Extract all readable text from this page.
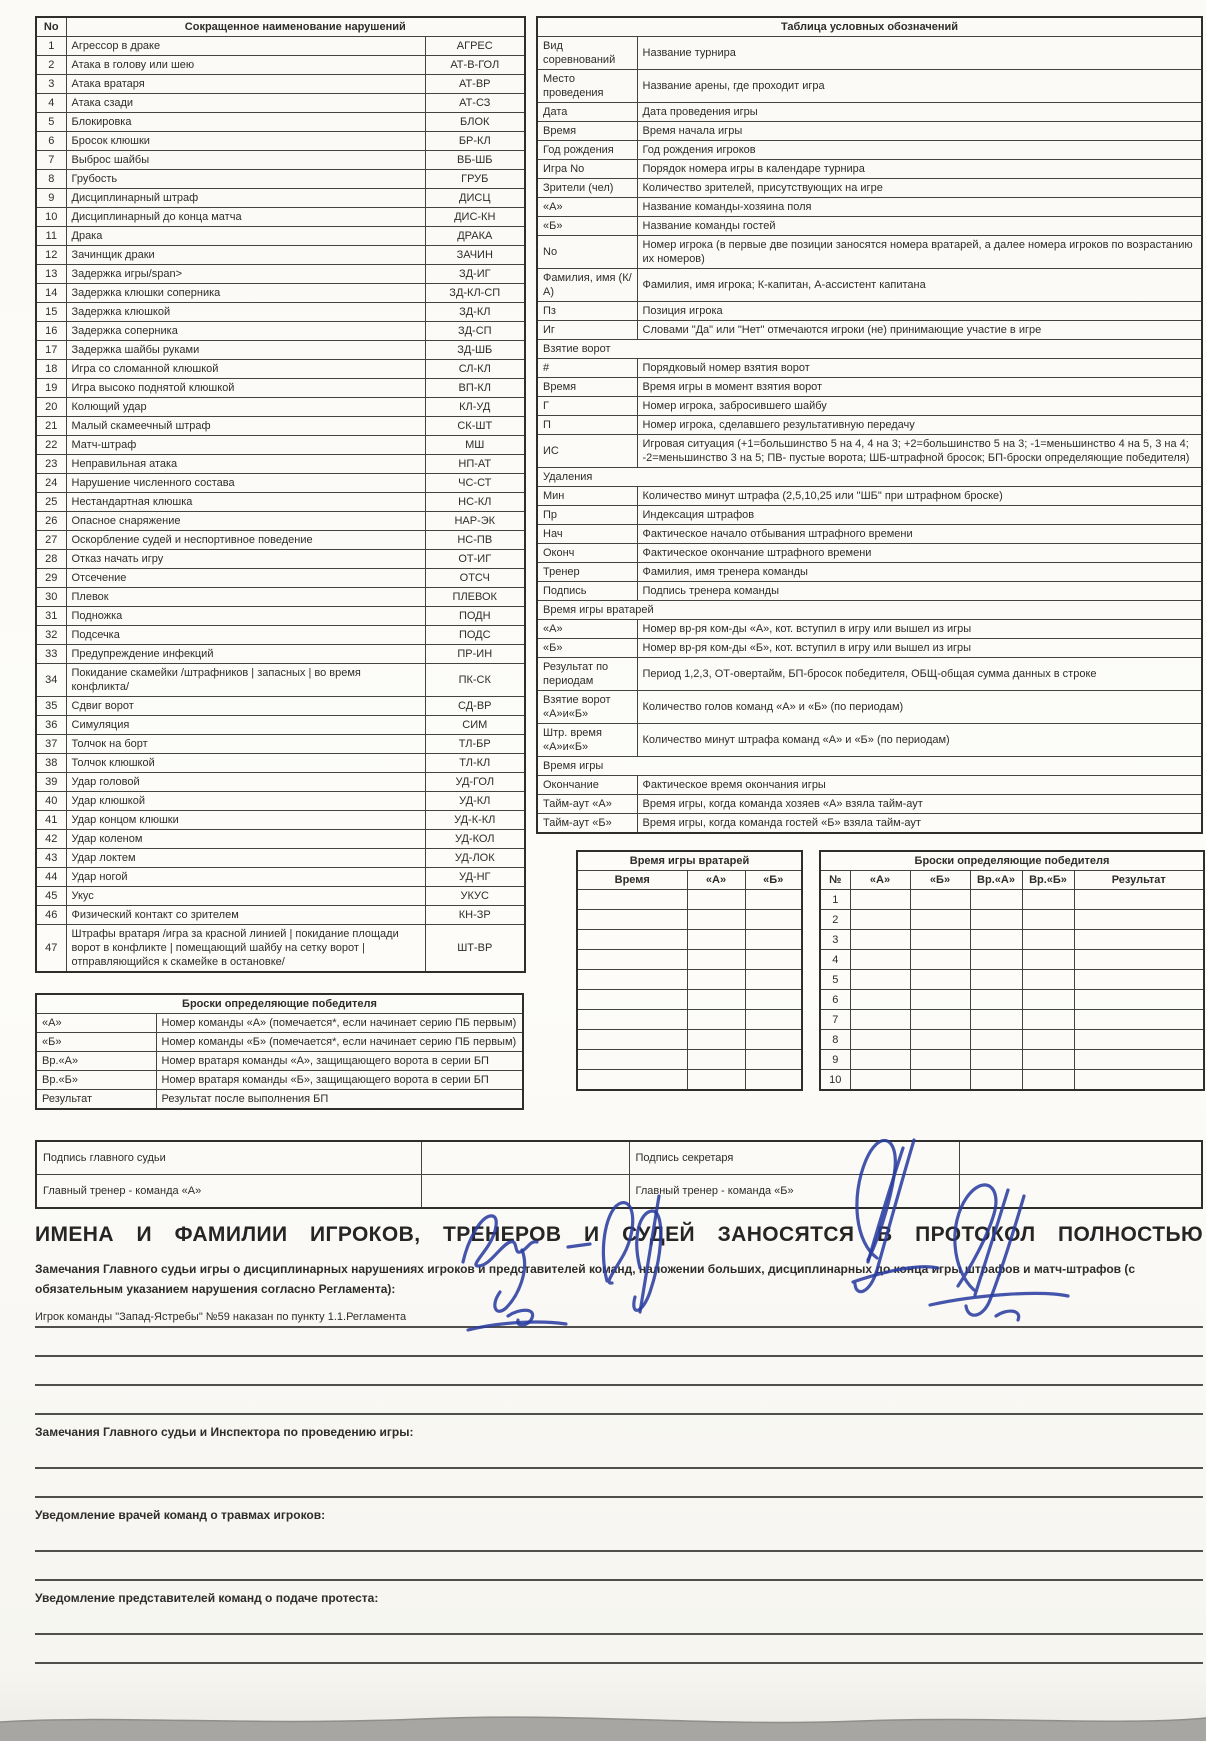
No	Сокращенное наименование нарушений	
1	Агрессор в драке	АГРЕС
2	Атака в голову или шею	АТ-В-ГОЛ
3	Атака вратаря	АТ-ВР
4	Атака сзади	АТ-СЗ
5	Блокировка	БЛОК
6	Бросок клюшки	БР-КЛ
7	Выброс шайбы	ВБ-ШБ
8	Грубость	ГРУБ
9	Дисциплинарный штраф	ДИСЦ
10	Дисциплинарный до конца матча	ДИС-КН
11	Драка	ДРАКА
12	Зачинщик драки	ЗАЧИН
13	Задержка игры/span>	ЗД-ИГ
14	Задержка клюшки соперника	ЗД-КЛ-СП
15	Задержка клюшкой	ЗД-КЛ
16	Задержка соперника	ЗД-СП
17	Задержка шайбы руками	ЗД-ШБ
18	Игра со сломанной клюшкой	СЛ-КЛ
19	Игра высоко поднятой клюшкой	ВП-КЛ
20	Колющий удар	КЛ-УД
21	Малый скамеечный штраф	СК-ШТ
22	Матч-штраф	МШ
23	Неправильная атака	НП-АТ
24	Нарушение численного состава	ЧС-СТ
25	Нестандартная клюшка	НС-КЛ
26	Опасное снаряжение	НАР-ЭК
27	Оскорбление судей и неспортивное поведение	НС-ПВ
28	Отказ начать игру	ОТ-ИГ
29	Отсечение	ОТСЧ
30	Плевок	ПЛЕВОК
31	Подножка	ПОДН
32	Подсечка	ПОДС
33	Предупреждение инфекций	ПР-ИН
34	Покидание скамейки /штрафников | запасных | во время конфликта/	ПК-СК
35	Сдвиг ворот	СД-ВР
36	Симуляция	СИМ
37	Толчок на борт	ТЛ-БР
38	Толчок клюшкой	ТЛ-КЛ
39	Удар головой	УД-ГОЛ
40	Удар клюшкой	УД-КЛ
41	Удар концом клюшки	УД-К-КЛ
42	Удар коленом	УД-КОЛ
43	Удар локтем	УД-ЛОК
44	Удар ногой	УД-НГ
45	Укус	УКУС
46	Физический контакт со зрителем	КН-ЗР
47	Штрафы вратаря /игра за красной линией | покидание площади ворот в конфликте | помещающий шайбу на сетку ворот |отправляющийся к скамейке в остановке/	ШТ-ВР
Броски определяющие победителя	
«А»	Номер команды «А» (помечается*, если начинает серию ПБ первым)
«Б»	Номер команды «Б» (помечается*, если начинает серию ПБ первым)
Вр.«А»	Номер вратаря команды «А», защищающего ворота в серии БП
Вр.«Б»	Номер вратаря команды «Б», защищающего ворота в серии БП
Результат	Результат после выполнения БП
Таблица условных обозначений	
Вид соревнований	Название турнира
Место проведения	Название арены, где проходит игра
Дата	Дата проведения игры
Время	Время начала игры
Год рождения	Год рождения игроков
Игра No	Порядок номера игры в календаре турнира
Зрители (чел)	Количество зрителей, присутствующих на игре
«А»	Название команды-хозяина поля
«Б»	Название команды гостей
No	Номер игрока (в первые две позиции заносятся номера вратарей, а далее номера игроков по возрастанию их номеров)
Фамилия, имя (К/А)	Фамилия, имя игрока; К-капитан, А-ассистент капитана
Пз	Позиция игрока
Иг	Словами "Да" или "Нет" отмечаются игроки (не) принимающие участие в игре
Взятие ворот	
#	Порядковый номер взятия ворот
Время	Время игры в момент взятия ворот
Г	Номер игрока, забросившего шайбу
П	Номер игрока, сделавшего результативную передачу
ИС	Игровая ситуация (+1=большинство 5 на 4, 4 на 3; +2=большинство 5 на 3; -1=меньшинство 4 на 5, 3 на 4; -2=меньшинство 3 на 5; ПВ- пустые ворота; ШБ-штрафной бросок; БП-броски определяющие победителя)
Удаления	
Мин	Количество минут штрафа (2,5,10,25 или "ШБ" при штрафном броске)
Пр	Индексация штрафов
Нач	Фактическое начало отбывания штрафного времени
Оконч	Фактическое окончание штрафного времени
Тренер	Фамилия, имя тренера команды
Подпись	Подпись тренера команды
Время игры вратарей	
«А»	Номер вр-ря ком-ды «А», кот. вступил в игру или вышел из игры
«Б»	Номер вр-ря ком-ды «Б», кот. вступил в игру или вышел из игры
Результат по периодам	Период 1,2,3, ОТ-овертайм, БП-бросок победителя, ОБЩ-общая сумма данных в строке
Взятие ворот «А»и«Б»	Количество голов команд «А» и «Б» (по периодам)
Штр. время «А»и«Б»	Количество минут штрафа команд «А» и «Б» (по периодам)
Время игры	
Окончание	Фактическое время окончания игры
Тайм-аут «А»	Время игры, когда команда хозяев «А» взяла тайм-аут
Тайм-аут «Б»	Время игры, когда команда гостей «Б» взяла тайм-аут
Время игры вратарей		
Время	«А»	«Б»

Броски определяющие победителя					
№	«А»	«Б»	Вр.«А»	Вр.«Б»	Результат
1					
2					
3					
4					
5					
6					
7					
8					
9					
10					
Подпись главного судьи		Подпись секретаря	
Главный тренер - команда «А»		Главный тренер - команда «Б»	

ИМЕНА И ФАМИЛИИ ИГРОКОВ, ТРЕНЕРОВ И СУДЕЙ ЗАНОСЯТСЯ В ПРОТОКОЛ ПОЛНОСТЬЮ

Замечания Главного судьи игры о дисциплинарных нарушениях игроков и представителей команд, наложении больших, дисциплинарных до конца игры штрафов и матч-штрафов (с обязательным указанием нарушения согласно Регламента):

Игрок команды "Запад-Ястребы" №59 наказан по пункту 1.1.Регламента

Замечания Главного судьи и Инспектора по проведению игры:

Уведомление врачей команд о травмах игроков:

Уведомление представителей команд о подаче протеста:
